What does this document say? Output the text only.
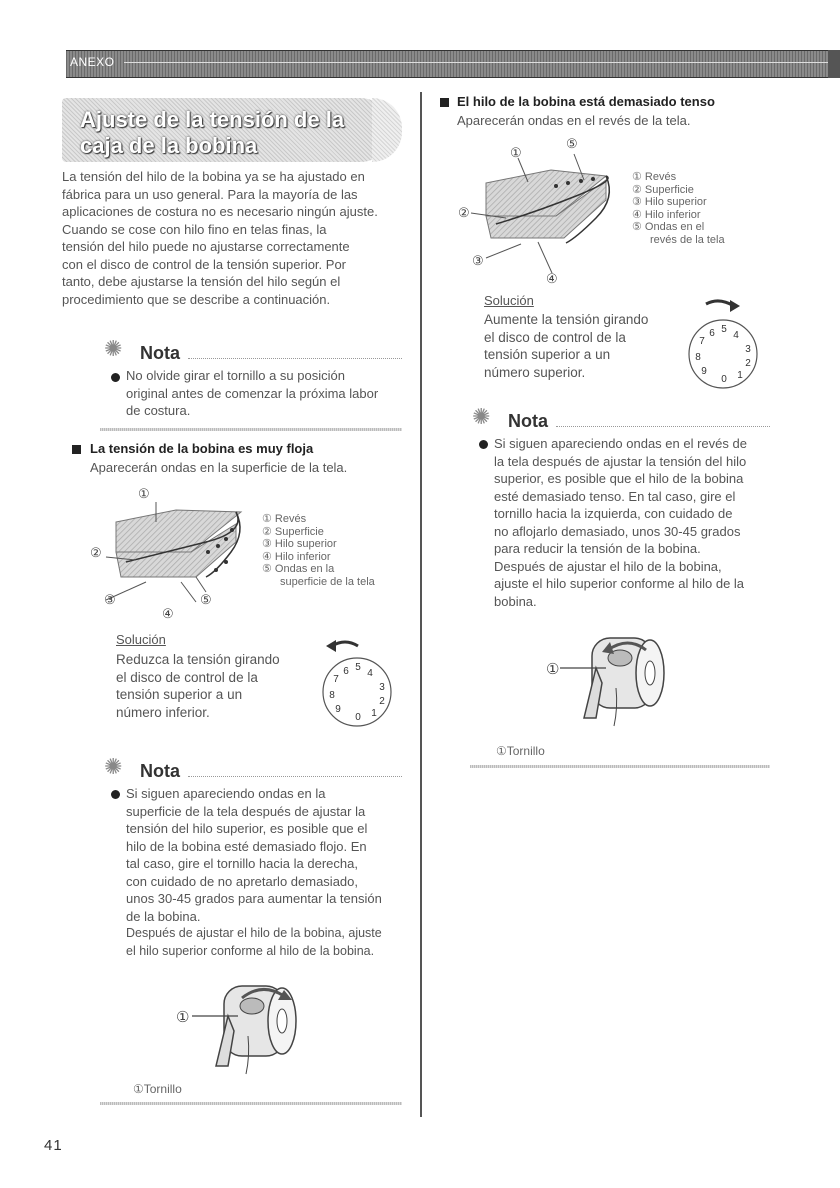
ANEXO
Ajuste de la tensión de la
caja de la bobina
La tensión del hilo de la bobina ya se ha ajustado en
fábrica para un uso general. Para la mayoría de las
aplicaciones de costura no es necesario ningún ajuste.
Cuando se cose con hilo fino en telas finas, la
tensión del hilo puede no ajustarse correctamente
con el disco de control de la tensión superior. Por
tanto, debe ajustarse la tensión del hilo según el
procedimiento que se describe a continuación.
✺ Nota
No olvide girar el tornillo a su posición
original antes de comenzar la próxima labor
de costura.
La tensión de la bobina es muy floja
Aparecerán ondas en la superficie de la tela.
①
②
③
④
⑤
① Revés
② Superficie
③ Hilo superior
④ Hilo inferior
⑤ Ondas en la
superficie de la tela
Solución
Reduzca la tensión girando
el disco de control de la
tensión superior a un
número inferior.
5
6 4
7
3
8
2
9	1
0
✺ Nota
Si siguen apareciendo ondas en la
superficie de la tela después de ajustar la
tensión del hilo superior, es posible que el
hilo de la bobina esté demasiado flojo. En
tal caso, gire el tornillo hacia la derecha,
con cuidado de no apretarlo demasiado,
unos 30-45 grados para aumentar la tensión
de la bobina.
Después de ajustar el hilo de la bobina, ajuste
el hilo superior conforme al hilo de la bobina.
①
①Tornillo
El hilo de la bobina está demasiado tenso
Aparecerán ondas en el revés de la tela.
①
②
③
④
⑤
① Revés
② Superficie
③ Hilo superior
④ Hilo inferior
⑤ Ondas en el
revés de la tela
Solución
Aumente la tensión girando
el disco de control de la
tensión superior a un
número superior.
5
6 4
7
3
8
2
9	1
0
✺ Nota
Si siguen apareciendo ondas en el revés de
la tela después de ajustar la tensión del hilo
superior, es posible que el hilo de la bobina
esté demasiado tenso. En tal caso, gire el
tornillo hacia la izquierda, con cuidado de
no aflojarlo demasiado, unos 30-45 grados
para reducir la tensión de la bobina.
Después de ajustar el hilo de la bobina,
ajuste el hilo superior conforme al hilo de la
bobina.
①
①Tornillo
41
